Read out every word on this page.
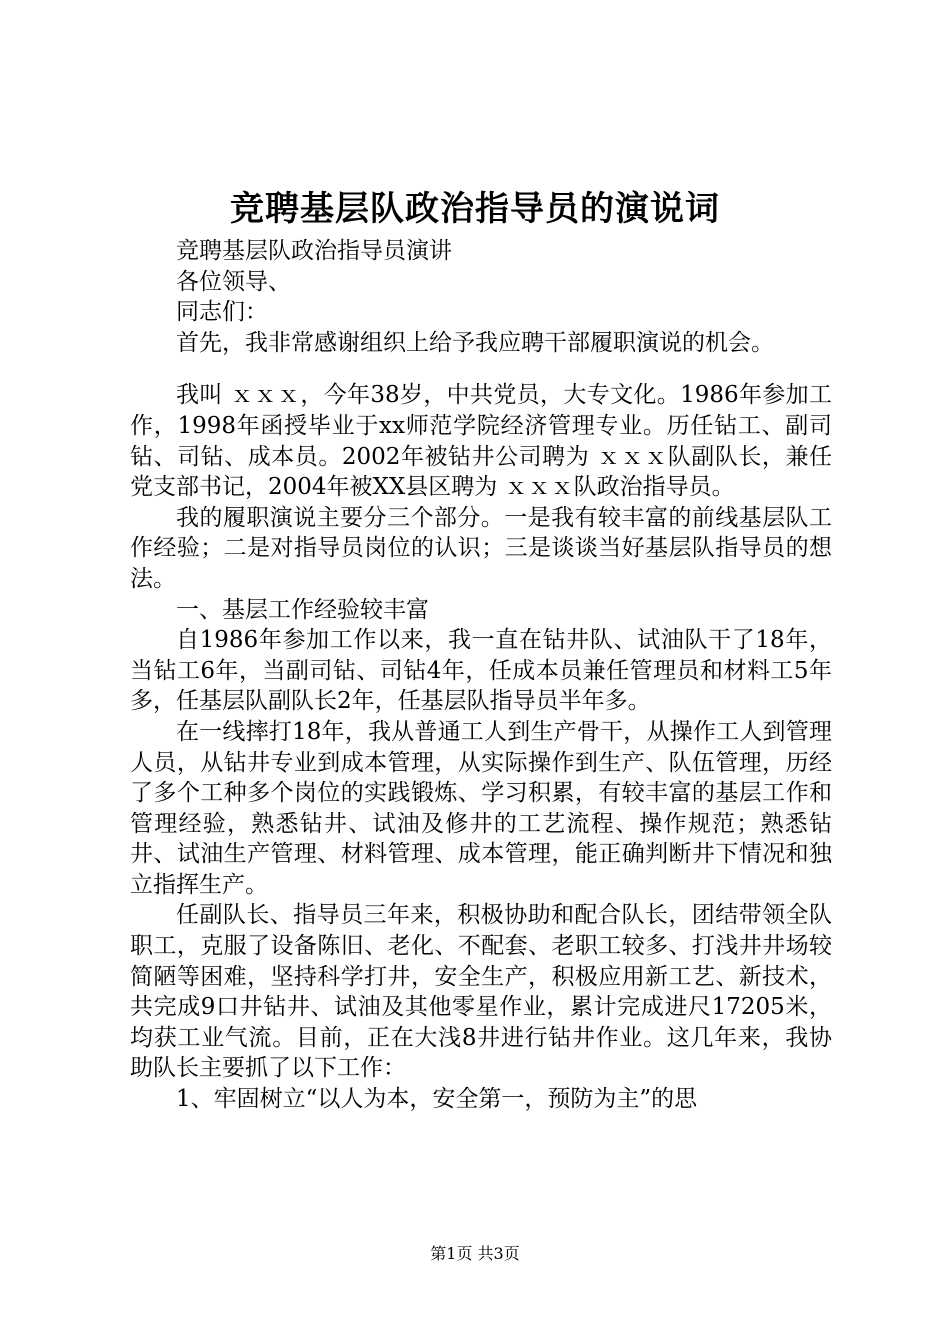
竞聘基层队政治指导员的演说词

竞聘基层队政治指导员演讲

各位领导、

同志们：

首先，我非常感谢组织上给予我应聘干部履职演说的机会。

我叫 ｘｘｘ，今年38岁，中共党员，大专文化。1986年参加工作，1998年函授毕业于xx师范学院经济管理专业。历任钻工、副司钻、司钻、成本员。2002年被钻井公司聘为 ｘｘｘ队副队长，兼任党支部书记，2004年被XX县区聘为 ｘｘｘ队政治指导员。

我的履职演说主要分三个部分。一是我有较丰富的前线基层队工作经验；二是对指导员岗位的认识；三是谈谈当好基层队指导员的想法。

一、基层工作经验较丰富

自1986年参加工作以来，我一直在钻井队、试油队干了18年，当钻工6年，当副司钻、司钻4年，任成本员兼任管理员和材料工5年多，任基层队副队长2年，任基层队指导员半年多。

在一线摔打18年，我从普通工人到生产骨干，从操作工人到管理人员，从钻井专业到成本管理，从实际操作到生产、队伍管理，历经了多个工种多个岗位的实践锻炼、学习积累，有较丰富的基层工作和管理经验，熟悉钻井、试油及修井的工艺流程、操作规范；熟悉钻井、试油生产管理、材料管理、成本管理，能正确判断井下情况和独立指挥生产。

任副队长、指导员三年来，积极协助和配合队长，团结带领全队职工，克服了设备陈旧、老化、不配套、老职工较多、打浅井井场较简陋等困难，坚持科学打井，安全生产，积极应用新工艺、新技术，共完成9口井钻井、试油及其他零星作业，累计完成进尺17205米，均获工业气流。目前，正在大浅8井进行钻井作业。这几年来，我协助队长主要抓了以下工作：

1、牢固树立“以人为本，安全第一，预防为主”的思

第1页 共3页
